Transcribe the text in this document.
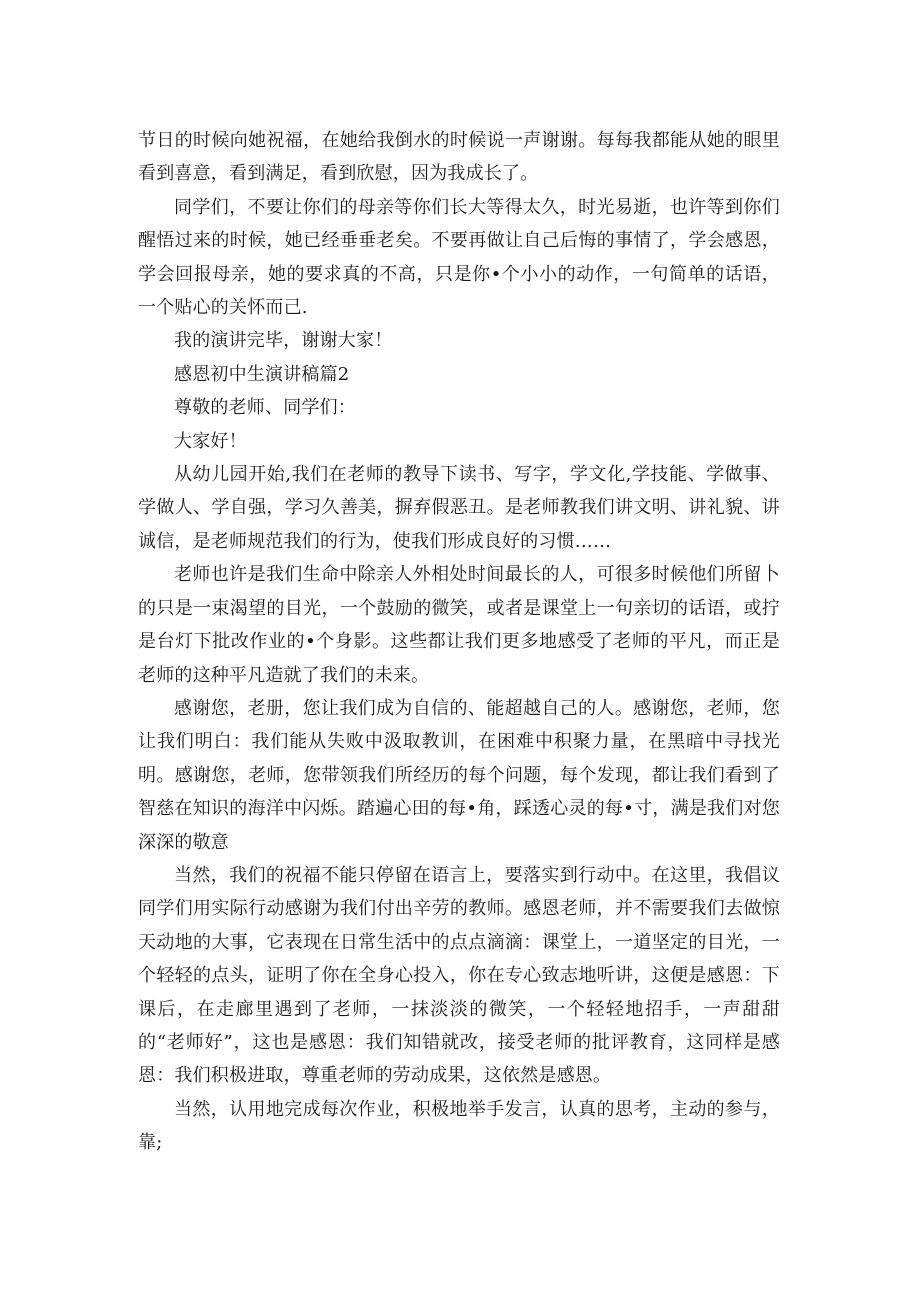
节日的时候向她祝福，在她给我倒水的时候说一声谢谢。每每我都能从她的眼里看到喜意，看到满足，看到欣慰，因为我成长了。

同学们，不要让你们的母亲等你们长大等得太久，时光易逝，也许等到你们醒悟过来的时候，她已经垂垂老矣。不要再做让自己后悔的事情了，学会感恩，学会回报母亲，她的要求真的不高，只是你•个小小的动作，一句简单的话语，一个贴心的关怀而己.

我的演讲完毕，谢谢大家！

感恩初中生演讲稿篇2

尊敬的老师、同学们：

大家好！

从幼儿园开始,我们在老师的教导下读书、写字，学文化,学技能、学做事、学做人、学自强，学习久善美，摒弃假恶丑。是老师教我们讲文明、讲礼貌、讲诚信，是老师规范我们的行为，使我们形成良好的习惯……

老师也许是我们生命中除亲人外相处时间最长的人，可很多时候他们所留卜的只是一束渴望的目光，一个鼓励的微笑，或者是课堂上一句亲切的话语，或拧是台灯下批改作业的•个身影。这些都让我们更多地感受了老师的平凡，而正是老师的这种平凡造就了我们的未来。

感谢您，老册，您让我们成为自信的、能超越自己的人。感谢您，老师，您让我们明白：我们能从失败中汲取教训，在困难中积聚力量，在黑暗中寻找光明。感谢您，老师，您带领我们所经历的每个问题，每个发现，都让我们看到了智慈在知识的海洋中闪烁。踏遍心田的每•角，踩透心灵的每•寸，满是我们对您深深的敬意

当然，我们的祝福不能只停留在语言上，要落实到行动中。在这里，我倡议同学们用实际行动感谢为我们付出辛劳的教师。感恩老师，并不需要我们去做惊天动地的大事，它表现在日常生活中的点点滴滴：课堂上，一道坚定的目光，一个轻轻的点头，证明了你在全身心投入，你在专心致志地听讲，这便是感恩：下课后，在走廊里遇到了老师，一抹淡淡的微笑，一个轻轻地招手，一声甜甜的“老师好”，这也是感恩：我们知错就改，接受老师的批评教育，这同样是感恩：我们积极进取，尊重老师的劳动成果，这依然是感恩。

当然，认用地完成每次作业，积极地举手发言，认真的思考，主动的参与，靠;
